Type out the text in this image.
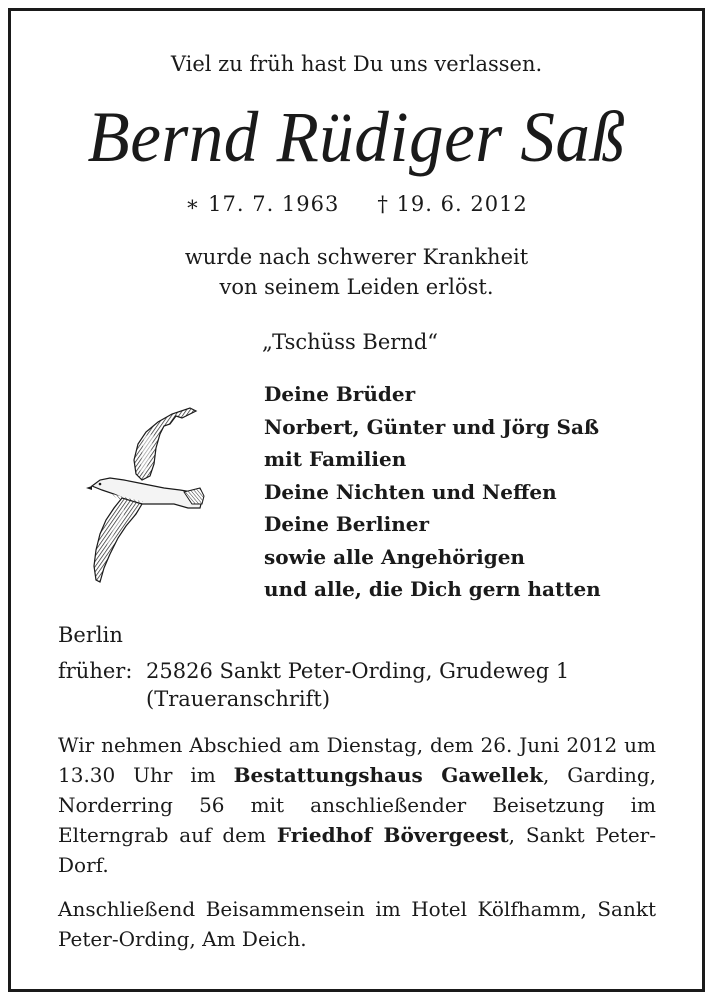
Viel zu früh hast Du uns verlassen.
Bernd Rüdiger Saß
∗ 17. 7. 1963 † 19. 6. 2012
wurde nach schwerer Krankheit
von seinem Leiden erlöst.
„Tschüss Bernd“
Deine Brüder
Norbert, Günter und Jörg Saß
mit Familien
Deine Nichten und Neffen
Deine Berliner
sowie alle Angehörigen
und alle, die Dich gern hatten
Berlin
früher: 25826 Sankt Peter-Ording, Grudeweg 1
(Traueranschrift)
Wir nehmen Abschied am Dienstag, dem 26. Juni 2012 um 13.30 Uhr im Bestattungshaus Gawellek, Garding, Norderring 56 mit anschließender Beisetzung im Elterngrab auf dem Friedhof Bövergeest, Sankt Peter-Dorf.
Anschließend Beisammensein im Hotel Kölfhamm, Sankt Peter-Ording, Am Deich.
